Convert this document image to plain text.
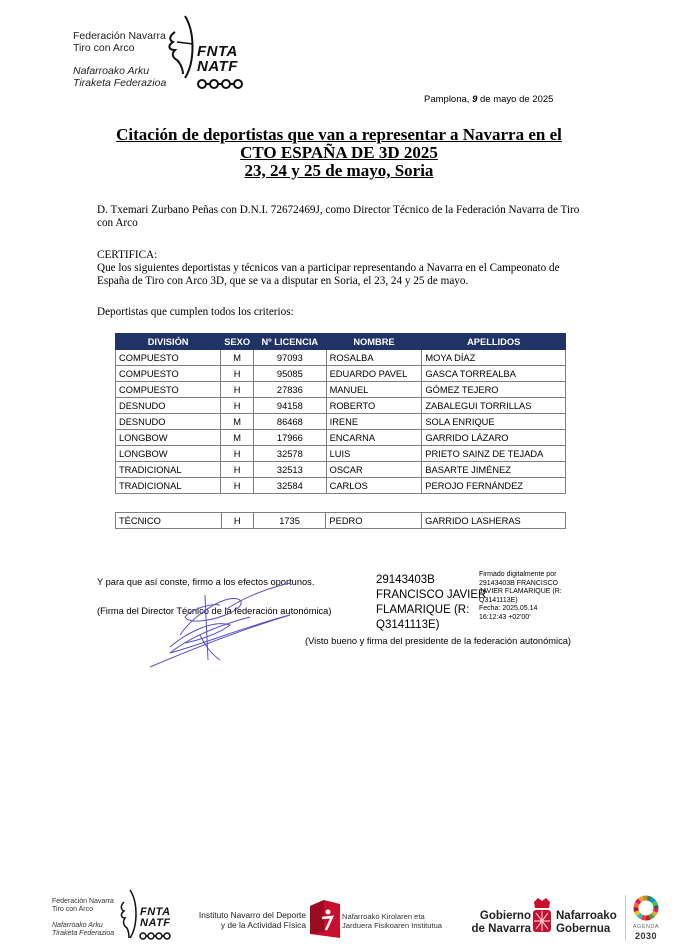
Federación Navarra
Tiro con Arco
Nafarroako Arku
Tiraketa Federazioa
FNTA
NATF
Pamplona, 9 de mayo de 2025
Citación de deportistas que van a representar a Navarra en el
CTO ESPAÑA DE 3D 2025
23, 24 y 25 de mayo, Soria
D. Txemari Zurbano Peñas con D.N.I. 72672469J, como Director Técnico de la Federación Navarra de Tiro con Arco
CERTIFICA:
Que los siguientes deportistas y técnicos van a participar representando a Navarra en el Campeonato de España de Tiro con Arco 3D, que se va a disputar en Soria, el 23, 24 y 25 de mayo.
Deportistas que cumplen todos los criterios:
DIVISIÓN	SEXO	Nº LICENCIA	NOMBRE	APELLIDOS
COMPUESTO	M	97093	ROSALBA	MOYA DÍAZ
COMPUESTO	H	95085	EDUARDO PAVEL	GASCA TORREALBA
COMPUESTO	H	27836	MANUEL	GÓMEZ TEJERO
DESNUDO	H	94158	ROBERTO	ZABALEGUI TORRILLAS
DESNUDO	M	86468	IRENE	SOLA ENRIQUE
LONGBOW	M	17966	ENCARNA	GARRIDO LÁZARO
LONGBOW	H	32578	LUIS	PRIETO SAINZ DE TEJADA
TRADICIONAL	H	32513	OSCAR	BASARTE JIMÉNEZ
TRADICIONAL	H	32584	CARLOS	PEROJO FERNÁNDEZ
TÉCNICO	H	1735	PEDRO	GARRIDO LASHERAS
Y para que así conste, firmo a los efectos oportunos.
(Firma del Director Técnico de la federación autonómica)
29143403B
FRANCISCO JAVIER
FLAMARIQUE (R:
Q3141113E)
Firmado digitalmente por
29143403B FRANCISCO
JAVIER FLAMARIQUE (R:
Q3141113E)
Fecha: 2025.05.14
16:12:43 +02'00'
(Visto bueno y firma del presidente de la federación autonómica)
Federación Navarra
Tiro con Arco
Nafarroako Arku
Tiraketa Federazioa
FNTA
NATF
Instituto Navarro del Deporte
y de la Actividad Física
Nafarroako Kirolaren eta
Jarduera Fisikoaren Institutua
Gobierno
de Navarra
Nafarroako
Gobernua	AGENDA
2030
